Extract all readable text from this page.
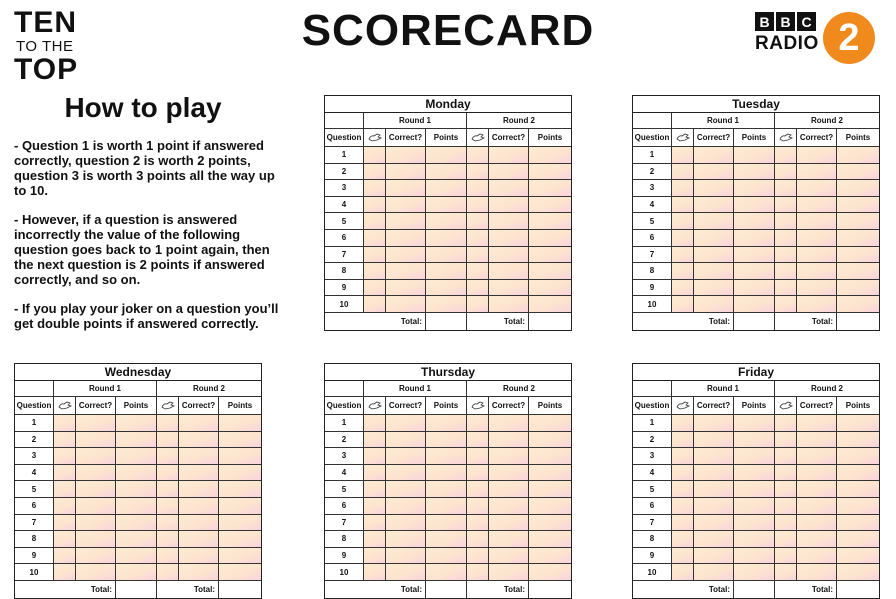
TEN
TO THE
TOP
SCORECARD	B B C
RADIO 2
How to play

- Question 1 is worth 1 point if answered correctly, question 2 is worth 2 points, question 3 is worth 3 points all the way up to 10.

- However, if a question is answered incorrectly the value of the following question goes back to 1 point again, then the next question is 2 points if answered correctly, and so on.

- If you play your joker on a question you’ll get double points if answered correctly.

Monday
Round 1	Round 2
Question	Correct?	Points	Correct?	Points
1
2
3
4
5
6
7
8
9
10
Total:	Total:
Tuesday
Round 1	Round 2
Question	Correct?	Points	Correct?	Points
1
2
3
4
5
6
7
8
9
10
Total:	Total:
Wednesday
Round 1	Round 2
Question	Correct?	Points	Correct?	Points
1
2
3
4
5
6
7
8
9
10
Total:	Total:
Thursday
Round 1	Round 2
Question	Correct?	Points	Correct?	Points
1
2
3
4
5
6
7
8
9
10
Total:	Total:
Friday
Round 1	Round 2
Question	Correct?	Points	Correct?	Points
1
2
3
4
5
6
7
8
9
10
Total:	Total:
